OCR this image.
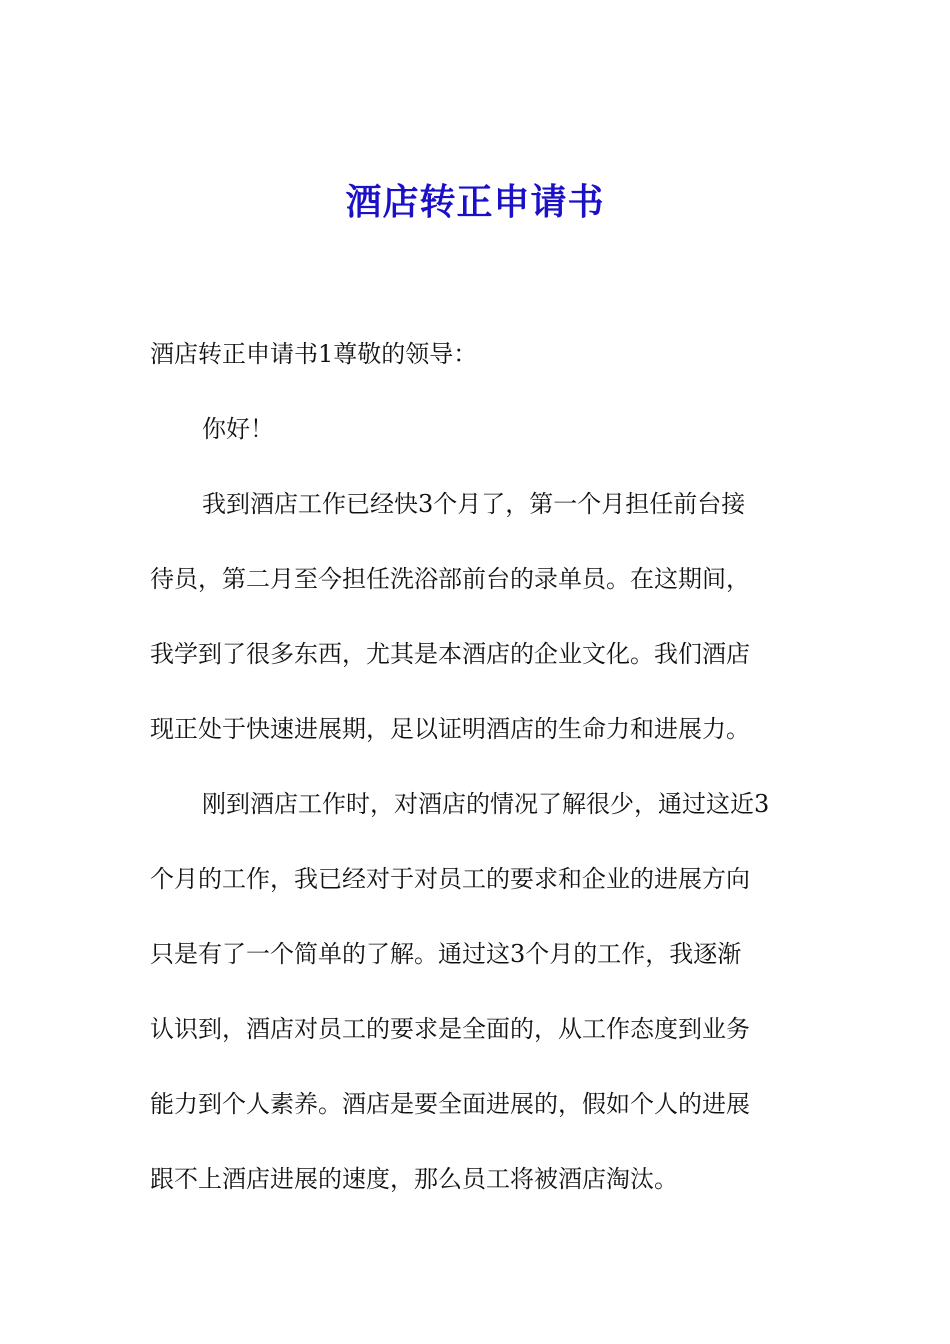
酒店转正申请书
酒店转正申请书1尊敬的领导：
你好！
我到酒店工作已经快3个月了，第一个月担任前台接
待员，第二月至今担任洗浴部前台的录单员。在这期间，
我学到了很多东西，尤其是本酒店的企业文化。我们酒店
现正处于快速进展期，足以证明酒店的生命力和进展力。
刚到酒店工作时，对酒店的情况了解很少，通过这近3
个月的工作，我已经对于对员工的要求和企业的进展方向
只是有了一个简单的了解。通过这3个月的工作，我逐渐
认识到，酒店对员工的要求是全面的，从工作态度到业务
能力到个人素养。酒店是要全面进展的，假如个人的进展
跟不上酒店进展的速度，那么员工将被酒店淘汰。
